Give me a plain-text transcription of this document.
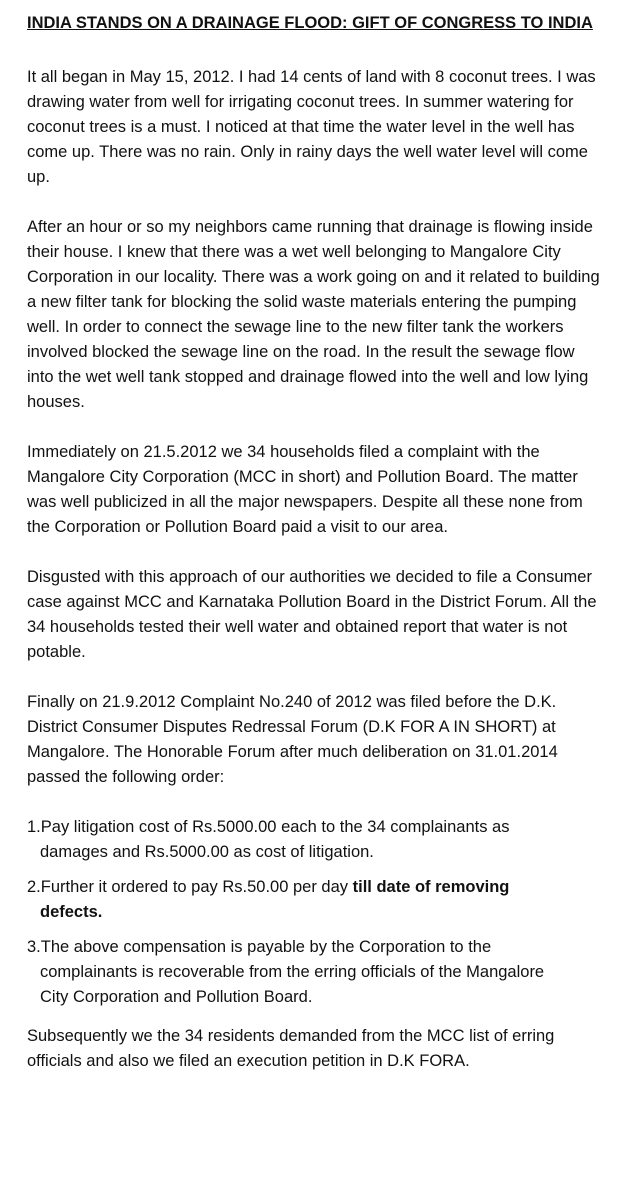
INDIA STANDS ON A DRAINAGE FLOOD: GIFT OF CONGRESS TO INDIA

It all began in May 15, 2012. I had 14 cents of land with 8 coconut trees. I was drawing water from well for irrigating coconut trees. In summer watering for coconut trees is a must. I noticed at that time the water level in the well has come up. There was no rain. Only in rainy days the well water level will come up.

After an hour or so my neighbors came running that drainage is flowing inside their house. I knew that there was a wet well belonging to Mangalore City Corporation in our locality. There was a work going on and it related to building a new filter tank for blocking the solid waste materials entering the pumping well. In order to connect the sewage line to the new filter tank the workers involved blocked the sewage line on the road. In the result the sewage flow into the wet well tank stopped and drainage flowed into the well and low lying houses.

Immediately on 21.5.2012 we 34 households filed a complaint with the Mangalore City Corporation (MCC in short) and Pollution Board. The matter was well publicized in all the major newspapers. Despite all these none from the Corporation or Pollution Board paid a visit to our area.

Disgusted with this approach of our authorities we decided to file a Consumer case against MCC and Karnataka Pollution Board in the District Forum. All the 34 households tested their well water and obtained report that water is not potable.

Finally on 21.9.2012 Complaint No.240 of 2012 was filed before the D.K. District Consumer Disputes Redressal Forum (D.K FOR A IN SHORT) at Mangalore. The Honorable Forum after much deliberation on 31.01.2014 passed the following order:

1.Pay litigation cost of Rs.5000.00 each to the 34 complainants as damages and Rs.5000.00 as cost of litigation.
2.Further it ordered to pay Rs.50.00 per day till date of removing defects.
3.The above compensation is payable by the Corporation to the complainants is recoverable from the erring officials of the Mangalore City Corporation and Pollution Board.

Subsequently we the 34 residents demanded from the MCC list of erring officials and also we filed an execution petition in D.K FORA.
